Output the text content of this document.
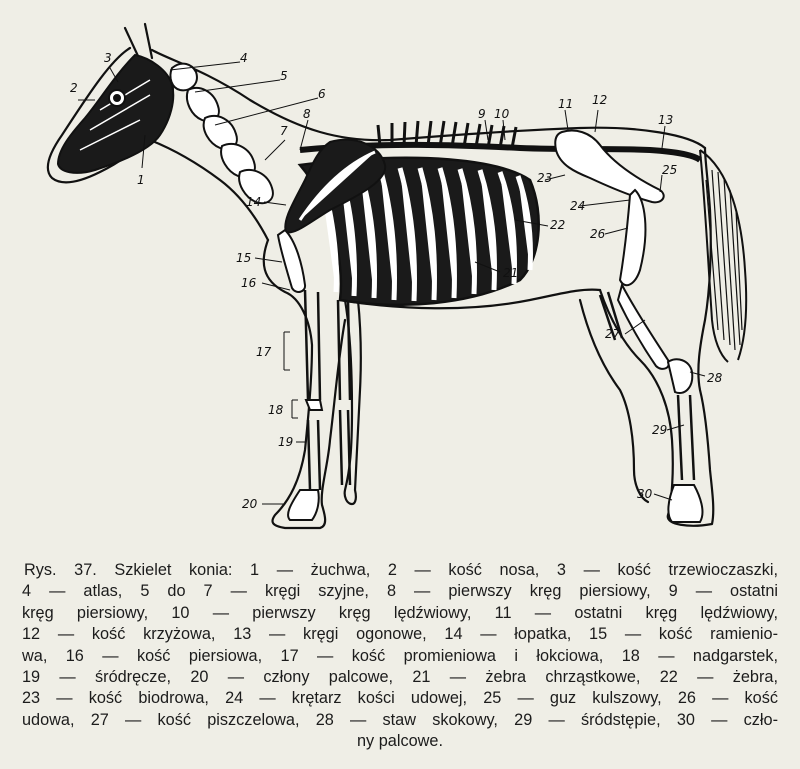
1
2
3	4
5
6
7
8	9 10
11 12
13
14
15
16
17
18
19
20
21
22
23
24
25
26
27
28
29
30
Rys. 37. Szkielet konia: 1 — żuchwa, 2 — kość nosa, 3 — kość trzewioczaszki,
4 — atlas, 5 do 7 — kręgi szyjne, 8 — pierwszy kręg piersiowy, 9 — ostatni
kręg piersiowy, 10 — pierwszy kręg lędźwiowy, 11 — ostatni kręg lędźwiowy,
12 — kość krzyżowa, 13 — kręgi ogonowe, 14 — łopatka, 15 — kość ramienio-
wa, 16 — kość piersiowa, 17 — kość promieniowa i łokciowa, 18 — nadgarstek,
19 — śródręcze, 20 — człony palcowe, 21 — żebra chrząstkowe, 22 — żebra,
23 — kość biodrowa, 24 — krętarz kości udowej, 25 — guz kulszowy, 26 — kość
udowa, 27 — kość piszczelowa, 28 — staw skokowy, 29 — śródstępie, 30 — czło-
ny palcowe.
